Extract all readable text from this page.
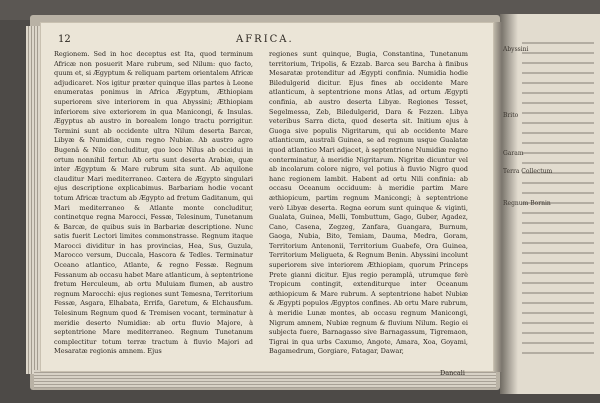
Abyssini
Brito
Garam
Terra Collectum
Regnum Bornin
12	AFRICA.

Regionem. Sed in hoc deceptus est Ita, quod terminum Africæ non posuerit Mare rubrum, sed Nilum: quo facto, quum et, si Ægyptum & reliquam partem orientalem Africæ adjudicaret. Nos igitur præter quinque illas partes à Leone enumeratas ponimus in Africa Ægyptum, Æthiopiam superiorem sive interiorem in qua Abyssini; Æthiopiam inferiorem sive exteriorem in qua Manicongi, & Insulas. Ægyptus ab austro in borealem longo tractu porrigitur. Termini sunt ab occidente ultra Nilum deserta Barcæ, Libyæ & Numidiæ, cum regno Nubiæ. Ab austro agro Bugenâ & Nilo concluditur, quo loco Nilus ab occidui in ortum nonnihil fertur. Ab ortu sunt deserta Arabiæ, quæ inter Ægyptum & Mare rubrum sita sunt. Ab aquilone clauditur Mari mediterraneo. Cætera de Ægypto singulari ejus descriptione explicabimus. Barbariam hodie vocant totum Africæ tractum ab Ægypto ad fretum Gaditanum, qui Mari mediterraneo & Atlante monte concluditur, continetque regna Marocci, Fessæ, Telesinum, Tunetanum & Barcæ, de quibus suis in Barbariæ descriptione. Nunc satis fuerit Lectori limites commonstrasse. Regnum itaque Marocci dividitur in has provincias, Hea, Sus, Guzula, Marocco versum, Duccala, Hascora & Tedles. Terminatur Oceano atlantico, Atlante, & regno Fessæ. Regnum Fessanum ab occasu habet Mare atlanticum, à septentrione fretum Herculeum, ab ortu Muluiam flumen, ab austro regnum Marocchi: ejus regiones sunt Temesna, Territorium Fessæ, Asgara, Elhabata, Errifa, Garetum, & Elchausfum. Telesinum Regnum quod & Tremisen vocant, terminatur à meridie deserto Numidiæ: ab ortu fluvio Majore, à septentrione Mare mediterraneo. Regnum Tunetanum complectitur totum terræ tractum à fluvio Majori ad Mesaratæ regionis amnem. Ejus

regiones sunt quinque, Bugia, Constantina, Tunetanum territorium, Tripolis, & Ezzab. Barca seu Barcha à finibus Mesaratæ protenditur ad Ægypti confinia. Numidia hodie Biledulgerid dicitur. Ejus fines ab occidente Mare atlanticum, à septentrione mons Atlas, ad ortum Ægypti confinia, ab austro deserta Libyæ. Regiones Tesset, Segelmessa, Zeb, Biledulgerid, Dara & Fezzen. Libya veteribus Sarra dicta, quod deserta sit. Initium ejus à Guoga sive populis Nigritarum, qui ab occidente Mare atlanticum, australi Guinea, se ad regnum usque Gualatæ quod atlantico Mari adjacet, à septentrione Numidiæ regno conterminatur, à meridie Nigritarum. Nigritæ dicuntur vel ab incolarum colore nigro, vel potius à fluvio Nigro quod hanc regionem lambit. Habent ad ortu Nili confinia: ab occasu Oceanum occiduum: à meridie partim Mare æthiopicum, partim regnum Manicongi; à septentrione verò Libyæ deserta. Regna eorum sunt quinque & viginti, Gualata, Guinea, Melli, Tombuttum, Gago, Guber, Agadez, Cano, Casena, Zegzeg, Zanfara, Guangara, Burnum, Gaoga, Nubia, Bito, Temiam, Dauma, Medra, Goram, Territorium Antenonii, Territorium Guabefe, Ora Guinea, Territorium Meligueta, & Regnum Benin. Abyssini incolunt superiorem sive interiorem Æthiopiam, quorum Princeps Prete gianni dicitur. Ejus regio peramplâ, utrumque ferè Tropicum contingit, extenditurque inter Oceanum æthiopicum & Mare rubrum. A septentrione habet Nubiæ & Ægypti populos Ægyptos confines. Ab ortu Mare rubrum, à meridie Lunæ montes, ab occasu regnum Manicongi, Nigrum amnem, Nubiæ regnum & fluvium Nilum. Regio ei subjecta fuere, Barnagasso sive Barnagassum, Tigremaon, Tigrai in qua urbs Caxumo, Angote, Amara, Xoa, Goyami, Bagamedrum, Gorgiare, Fatagar, Dawar,

Dancali
